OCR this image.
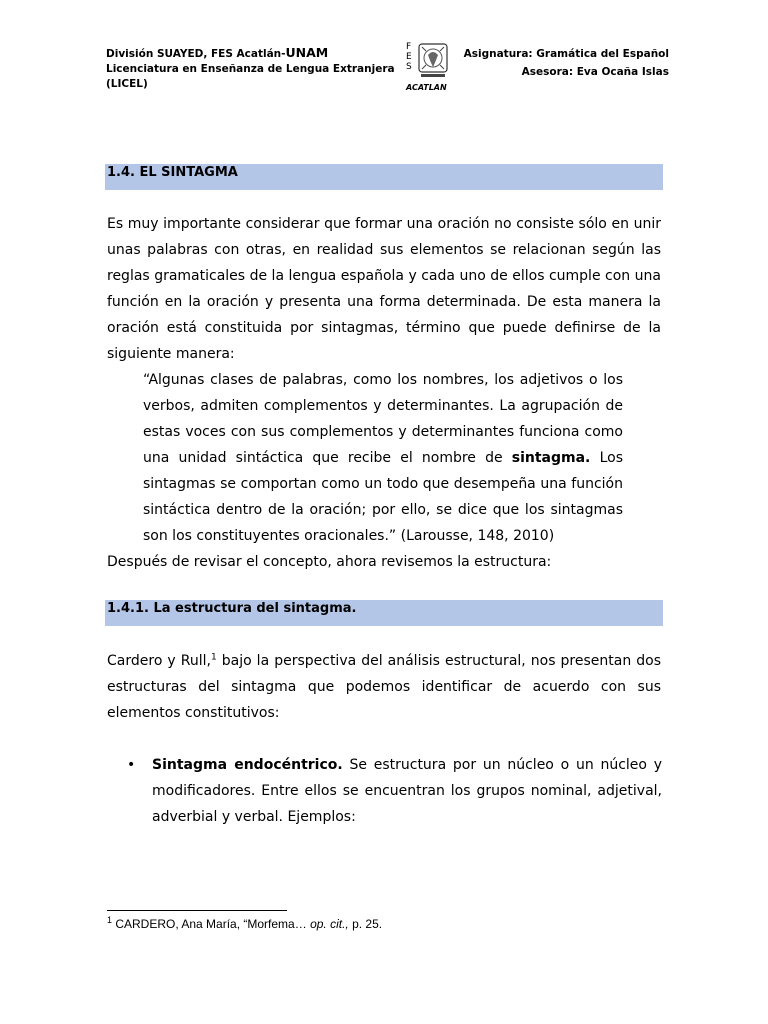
División SUAYED, FES Acatlán-UNAM
Licenciatura en Enseñanza de Lengua Extranjera
(LICEL)
F
E
S
ACATLAN
Asignatura: Gramática del Español
Asesora: Eva Ocaña Islas
1.4. EL SINTAGMA

Es muy importante considerar que formar una oración no consiste sólo en unir unas palabras con otras, en realidad sus elementos se relacionan según las reglas gramaticales de la lengua española y cada uno de ellos cumple con una función en la oración y presenta una forma determinada. De esta manera la oración está constituida por sintagmas, término que puede definirse de la siguiente manera:

“Algunas clases de palabras, como los nombres, los adjetivos o los verbos, admiten complementos y determinantes. La agrupación de estas voces con sus complementos y determinantes funciona como una unidad sintáctica que recibe el nombre de sintagma. Los sintagmas se comportan como un todo que desempeña una función sintáctica dentro de la oración; por ello, se dice que los sintagmas son los constituyentes oracionales.” (Larousse, 148, 2010)

Después de revisar el concepto, ahora revisemos la estructura:
1.4.1. La estructura del sintagma.

Cardero y Rull,$^1$ bajo la perspectiva del análisis estructural, nos presentan dos estructuras del sintagma que podemos identificar de acuerdo con sus elementos constitutivos:

• Sintagma endocéntrico. Se estructura por un núcleo o un núcleo y modificadores. Entre ellos se encuentran los grupos nominal, adjetival, adverbial y verbal. Ejemplos:

$^1$ CARDERO, Ana María, “Morfema… op. cit., p. 25.
